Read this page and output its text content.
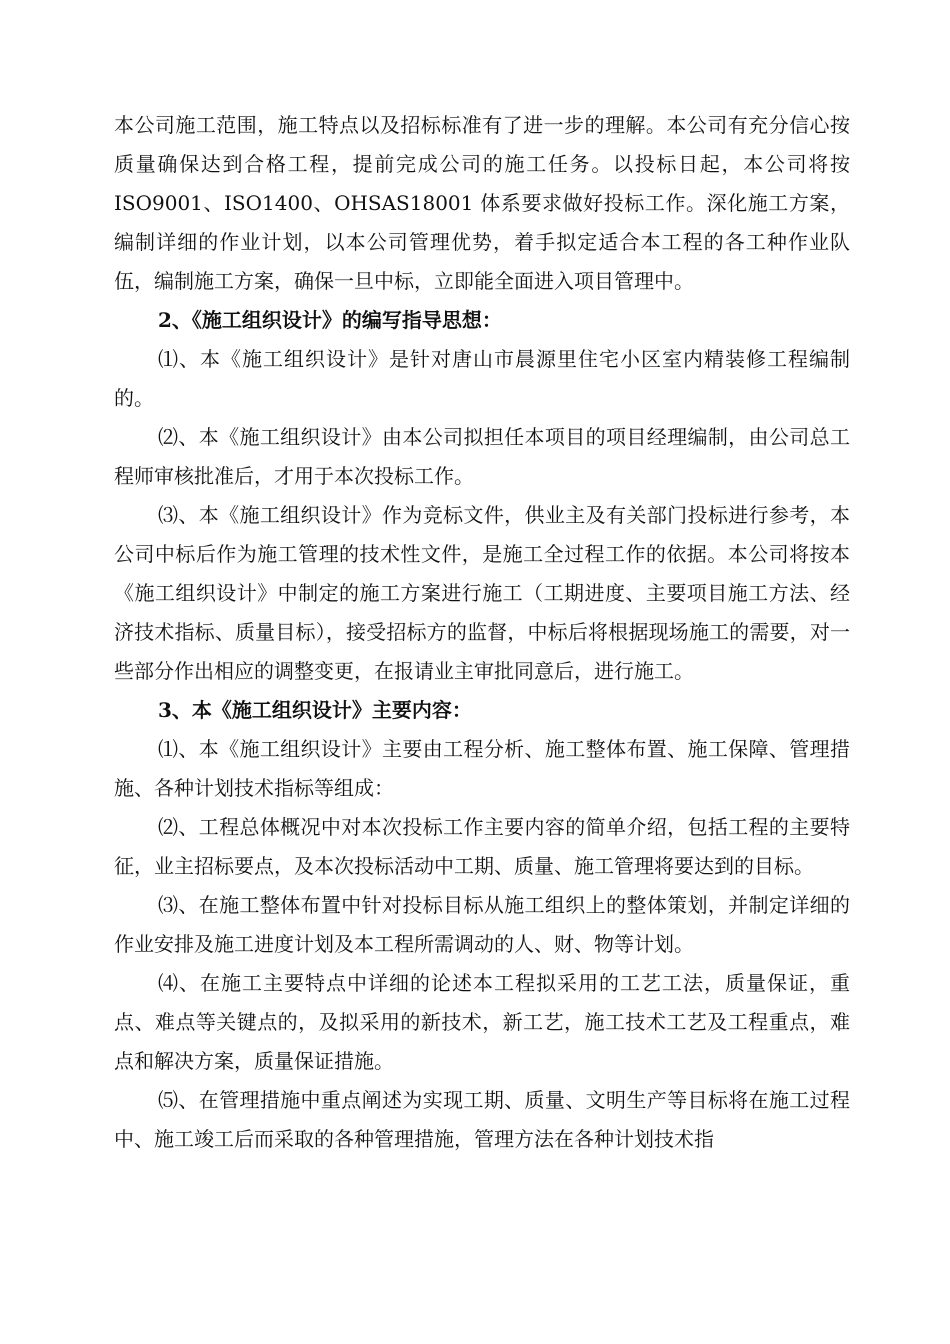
本公司施工范围，施工特点以及招标标准有了进一步的理解。本公司有充分信心按质量确保达到合格工程，提前完成公司的施工任务。以投标日起，本公司将按 ISO9001、ISO1400、OHSAS18001 体系要求做好投标工作。深化施工方案，编制详细的作业计划，以本公司管理优势，着手拟定适合本工程的各工种作业队伍，编制施工方案，确保一旦中标，立即能全面进入项目管理中。

2、《施工组织设计》的编写指导思想：

⑴、本《施工组织设计》是针对唐山市晨源里住宅小区室内精装修工程编制的。

⑵、本《施工组织设计》由本公司拟担任本项目的项目经理编制，由公司总工程师审核批准后，才用于本次投标工作。

⑶、本《施工组织设计》作为竞标文件，供业主及有关部门投标进行参考，本公司中标后作为施工管理的技术性文件，是施工全过程工作的依据。本公司将按本《施工组织设计》中制定的施工方案进行施工（工期进度、主要项目施工方法、经济技术指标、质量目标），接受招标方的监督，中标后将根据现场施工的需要，对一些部分作出相应的调整变更，在报请业主审批同意后，进行施工。

3、本《施工组织设计》主要内容：

⑴、本《施工组织设计》主要由工程分析、施工整体布置、施工保障、管理措施、各种计划技术指标等组成：

⑵、工程总体概况中对本次投标工作主要内容的简单介绍，包括工程的主要特征，业主招标要点，及本次投标活动中工期、质量、施工管理将要达到的目标。

⑶、在施工整体布置中针对投标目标从施工组织上的整体策划，并制定详细的作业安排及施工进度计划及本工程所需调动的人、财、物等计划。

⑷、在施工主要特点中详细的论述本工程拟采用的工艺工法，质量保证，重点、难点等关键点的，及拟采用的新技术，新工艺，施工技术工艺及工程重点，难点和解决方案，质量保证措施。

⑸、在管理措施中重点阐述为实现工期、质量、文明生产等目标将在施工过程中、施工竣工后而采取的各种管理措施，管理方法在各种计划技术指
